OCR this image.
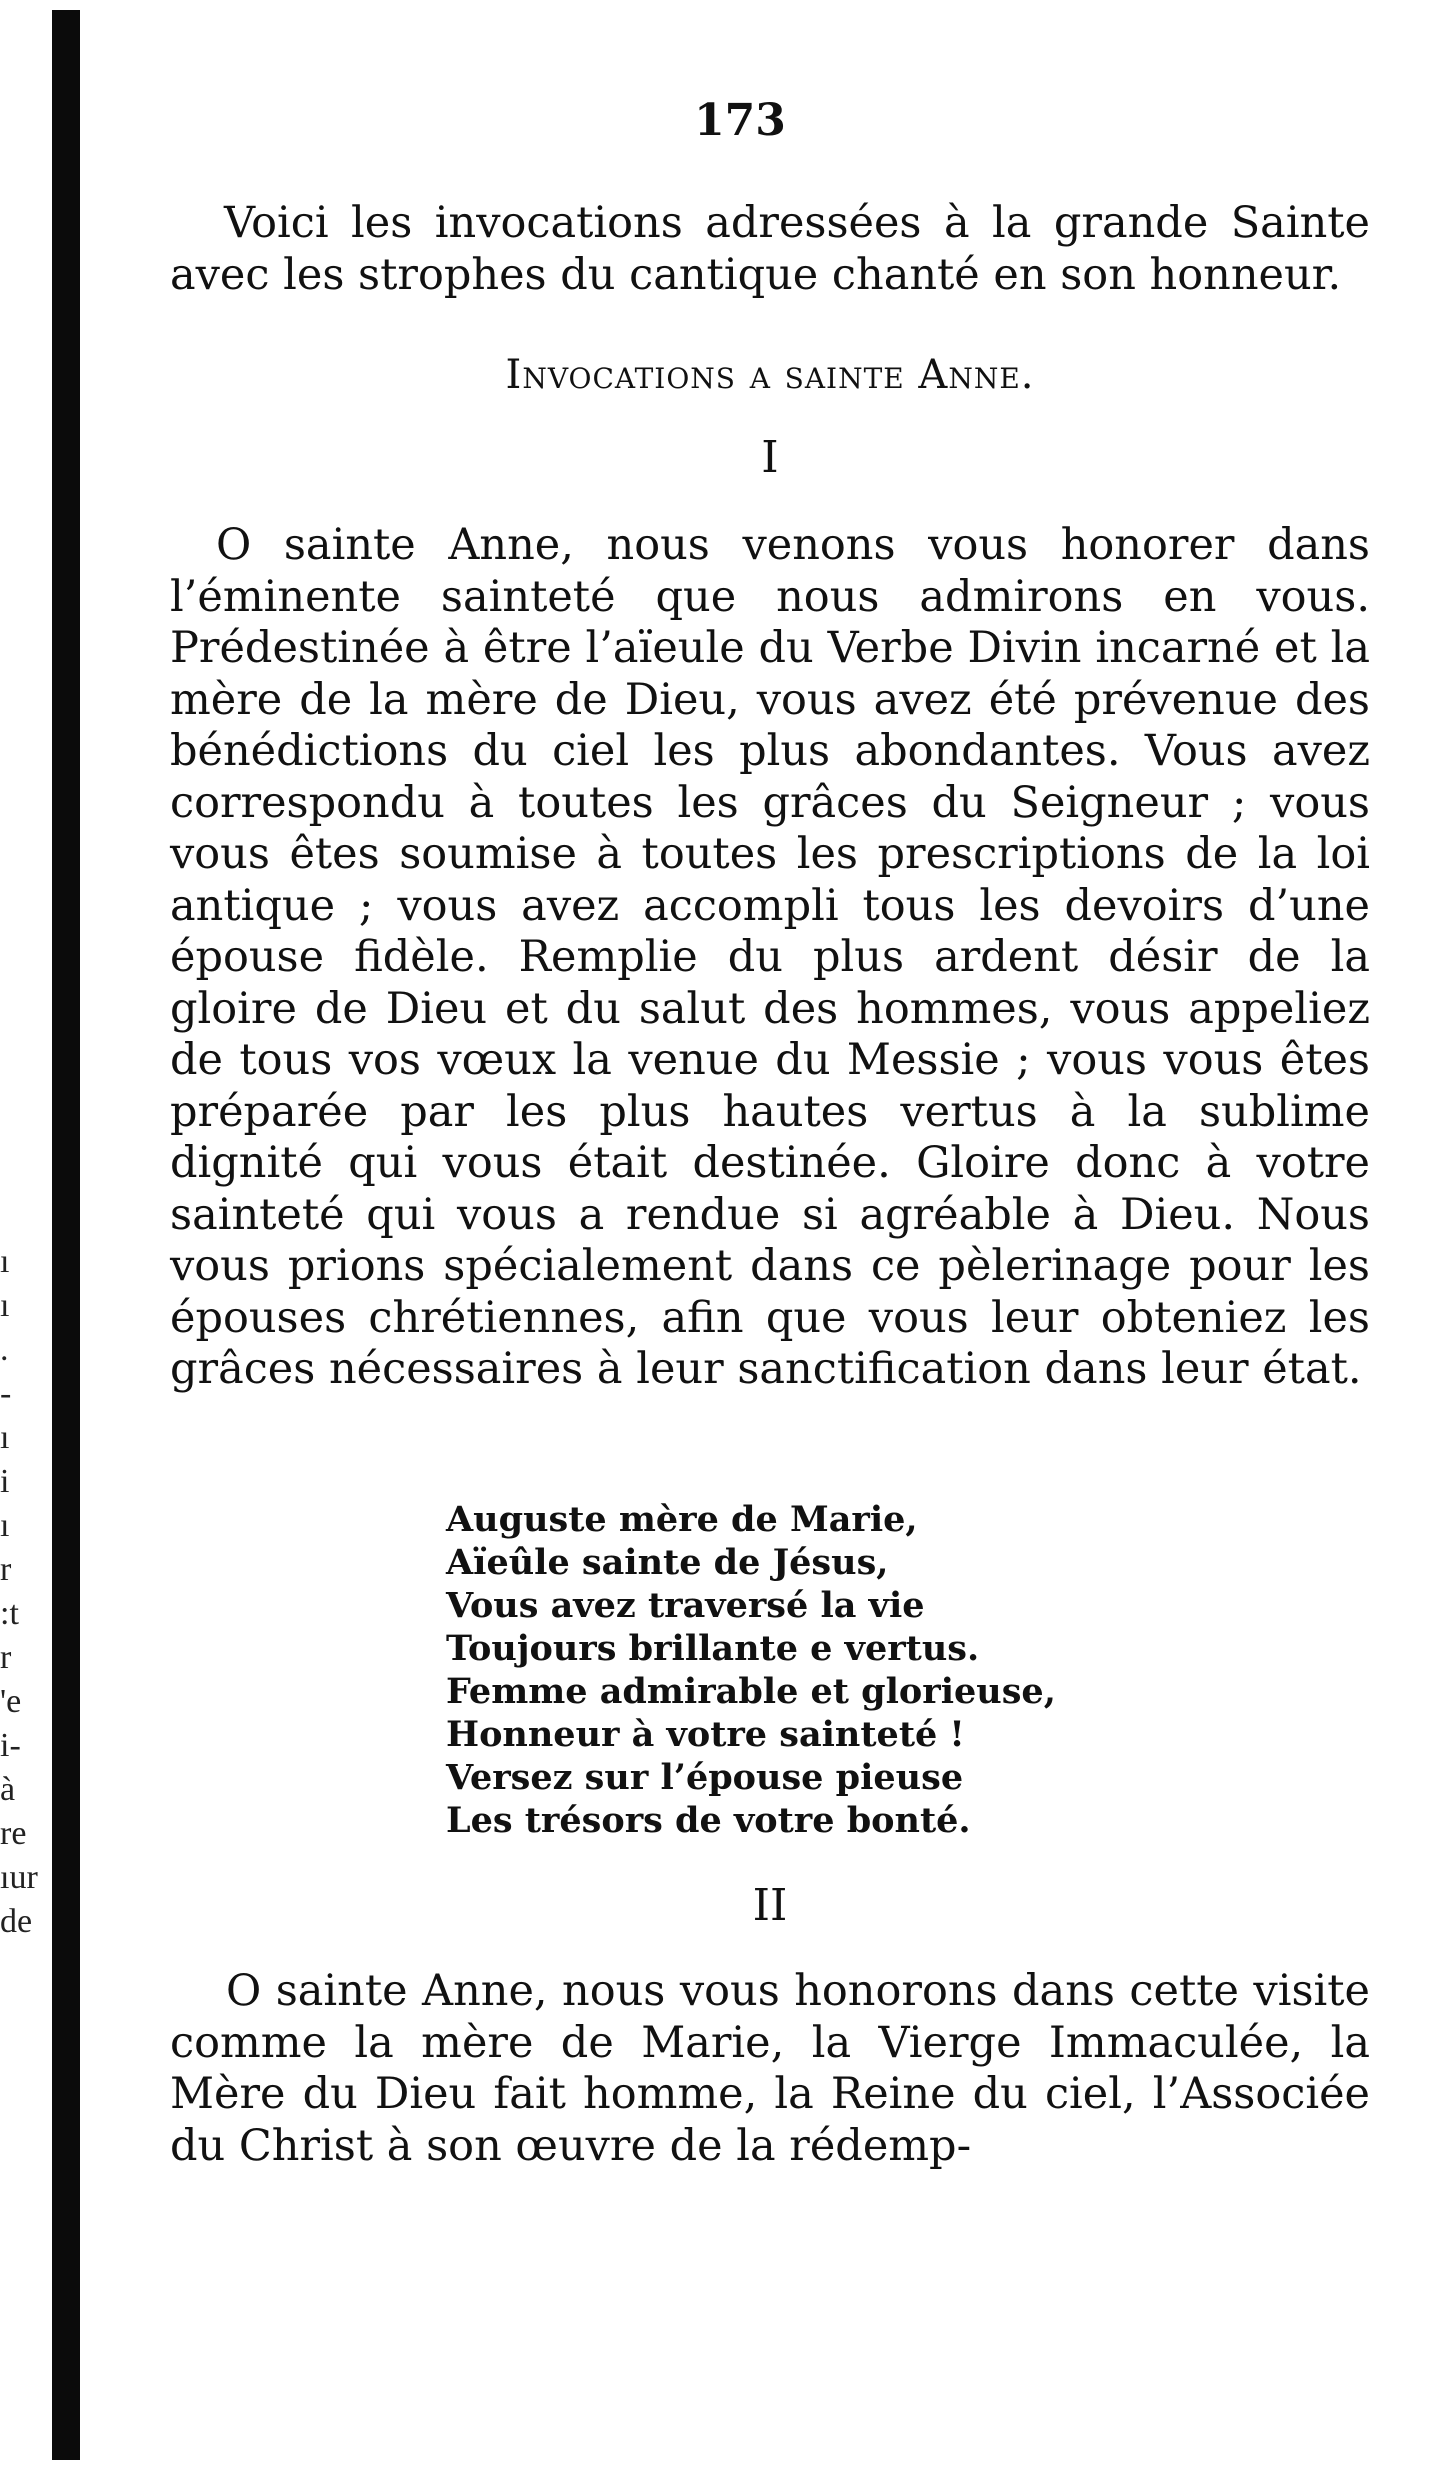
ı
ı
.
-
ı
i
ı
r
:t
r
'e
i-
à
re
ıur
de
173

Voici les invocations adressées à la grande Sainte avec les strophes du cantique chanté en son honneur.

Invocations a sainte Anne.
I

O sainte Anne, nous venons vous honorer dans l’éminente sainteté que nous admirons en vous. Prédestinée à être l’aïeule du Verbe Divin incarné et la mère de la mère de Dieu, vous avez été prévenue des bénédictions du ciel les plus abondantes. Vous avez correspondu à toutes les grâces du Seigneur ; vous vous êtes soumise à toutes les prescriptions de la loi antique ; vous avez accompli tous les devoirs d’une épouse fidèle. Remplie du plus ardent désir de la gloire de Dieu et du salut des hommes, vous appeliez de tous vos vœux la venue du Messie ; vous vous êtes préparée par les plus hautes vertus à la sublime dignité qui vous était destinée. Gloire donc à votre sainteté qui vous a rendue si agréable à Dieu. Nous vous prions spécialement dans ce pèlerinage pour les épouses chrétiennes, afin que vous leur obteniez les grâces nécessaires à leur sanctification dans leur état.

Auguste mère de Marie,
Aïeûle sainte de Jésus,
Vous avez traversé la vie
Toujours brillante e vertus.
Femme admirable et glorieuse,
Honneur à votre sainteté !
Versez sur l’épouse pieuse
Les trésors de votre bonté.
II

O sainte Anne, nous vous honorons dans cette visite comme la mère de Marie, la Vierge Immaculée, la Mère du Dieu fait homme, la Reine du ciel, l’Associée du Christ à son œuvre de la rédemp-
